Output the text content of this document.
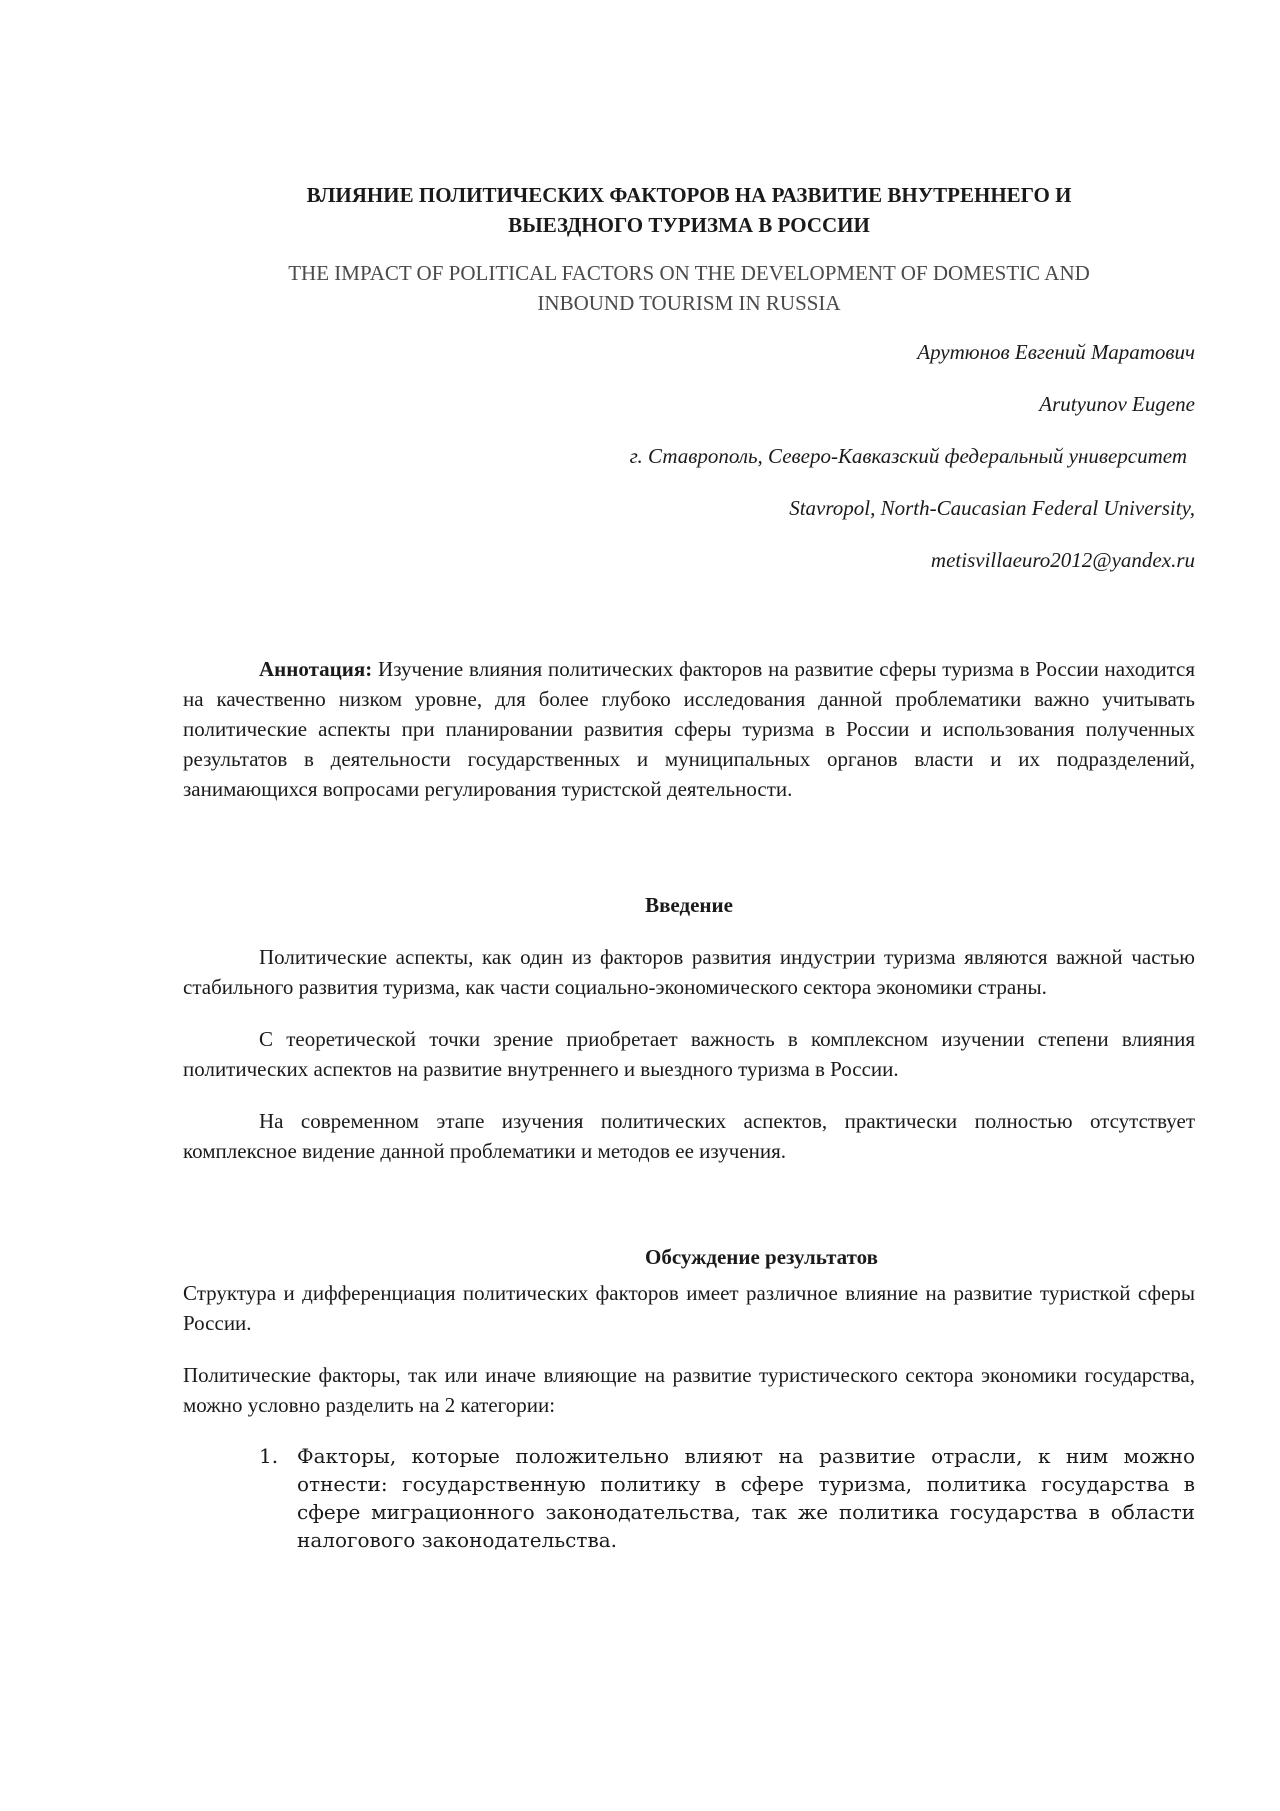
ВЛИЯНИЕ ПОЛИТИЧЕСКИХ ФАКТОРОВ НА РАЗВИТИЕ ВНУТРЕННЕГО И
ВЫЕЗДНОГО ТУРИЗМА В РОССИИ

THE IMPACT OF POLITICAL FACTORS ON THE DEVELOPMENT OF DOMESTIC AND
INBOUND TOURISM IN RUSSIA

Арутюнов Евгений Маратович

Arutyunov Eugene

г. Ставрополь, Северо-Кавказский федеральный университет

Stavropol, North-Caucasian Federal University,

metisvillaeuro2012@yandex.ru

Аннотация: Изучение влияния политических факторов на развитие сферы туризма в России находится на качественно низком уровне, для более глубоко исследования данной проблематики важно учитывать политические аспекты при планировании развития сферы туризма в России и использования полученных результатов в деятельности государственных и муниципальных органов власти и их подразделений, занимающихся вопросами регулирования туристской деятельности.

Введение

Политические аспекты, как один из факторов развития индустрии туризма являются важной частью стабильного развития туризма, как части социально-экономического сектора экономики страны.

С теоретической точки зрение приобретает важность в комплексном изучении степени влияния политических аспектов на развитие внутреннего и выездного туризма в России.

На современном этапе изучения политических аспектов, практически полностью отсутствует комплексное видение данной проблематики и методов ее изучения.

Обсуждение результатов

Структура и дифференциация политических факторов имеет различное влияние на развитие туристкой сферы России.

Политические факторы, так или иначе влияющие на развитие туристического сектора экономики государства, можно условно разделить на 2 категории:

1. Факторы, которые положительно влияют на развитие отрасли, к ним можно отнести: государственную политику в сфере туризма, политика государства в сфере миграционного законодательства, так же политика государства в области налогового законодательства.
